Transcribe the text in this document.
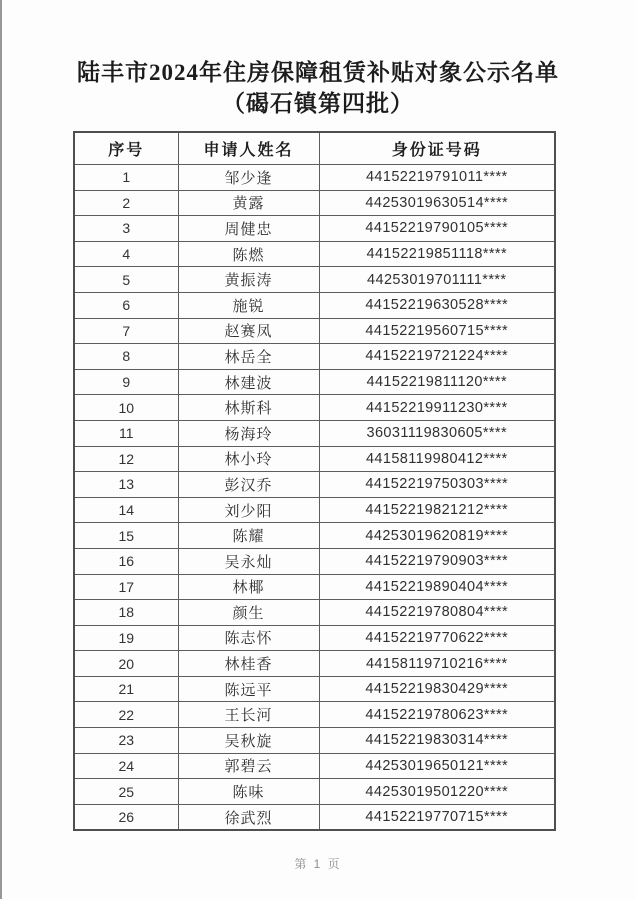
陆丰市2024年住房保障租赁补贴对象公示名单
（碣石镇第四批）
序号	申请人姓名	身份证号码
1	邹少逢	44152219791011****
2	黄露	44253019630514****
3	周健忠	44152219790105****
4	陈燃	44152219851118****
5	黄振涛	44253019701111****
6	施锐	44152219630528****
7	赵赛凤	44152219560715****
8	林岳全	44152219721224****
9	林建波	44152219811120****
10	林斯科	44152219911230****
11	杨海玲	36031119830605****
12	林小玲	44158119980412****
13	彭汉乔	44152219750303****
14	刘少阳	44152219821212****
15	陈耀	44253019620819****
16	吴永灿	44152219790903****
17	林椰	44152219890404****
18	颜生	44152219780804****
19	陈志怀	44152219770622****
20	林桂香	44158119710216****
21	陈远平	44152219830429****
22	王长河	44152219780623****
23	吴秋旋	44152219830314****
24	郭碧云	44253019650121****
25	陈味	44253019501220****
26	徐武烈	44152219770715****
第 1 页
